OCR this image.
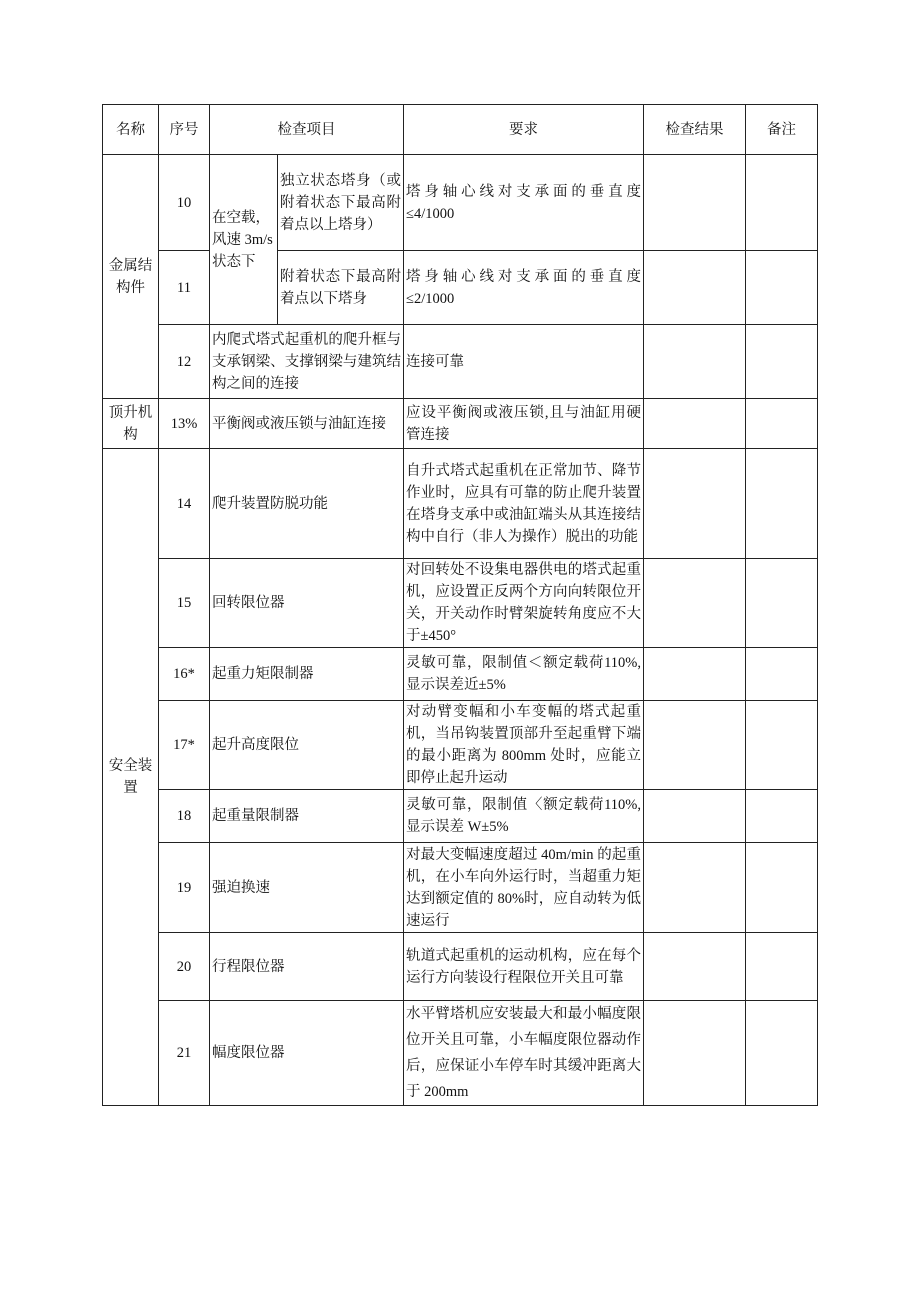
名称	序号	检查项目		要求	检查结果	备注
金属结构件	10	在空载，风速 3m/s状态下	独立状态塔身（或附着状态下最高附着点以上塔身）	塔身轴心线对支承面的垂直度≤4/1000		
	11		附着状态下最高附着点以下塔身	塔身轴心线对支承面的垂直度≤2/1000		
	12	内爬式塔式起重机的爬升框与支承钢梁、支撑钢梁与建筑结构之间的连接		连接可靠		
顶升机构	13%	平衡阀或液压锁与油缸连接		应设平衡阀或液压锁,且与油缸用硬管连接		
安全装置	14	爬升装置防脱功能		自升式塔式起重机在正常加节、降节作业时，应具有可靠的防止爬升装置在塔身支承中或油缸端头从其连接结构中自行（非人为操作）脱出的功能		
	15	回转限位器		对回转处不设集电器供电的塔式起重机，应设置正反两个方向向转限位开关，开关动作时臂架旋转角度应不大于±450°		
	16*	起重力矩限制器		灵敏可靠，限制值＜额定载荷110%,显示误差近±5%		
	17*	起升高度限位		对动臂变幅和小车变幅的塔式起重机，当吊钩装置顶部升至起重臂下端的最小距离为 800mm 处时，应能立即停止起升运动		
	18	起重量限制器		灵敏可靠，限制值〈额定载荷110%,显示误差 W±5%		
	19	强迫换速		对最大变幅速度超过 40m/min 的起重机，在小车向外运行时，当超重力矩达到额定值的 80%时，应自动转为低速运行		
	20	行程限位器		轨道式起重机的运动机构，应在每个运行方向装设行程限位开关且可靠		
	21	幅度限位器		水平臂塔机应安装最大和最小幅度限位开关且可靠，小车幅度限位器动作后，应保证小车停车时其缓冲距离大于 200mm		
